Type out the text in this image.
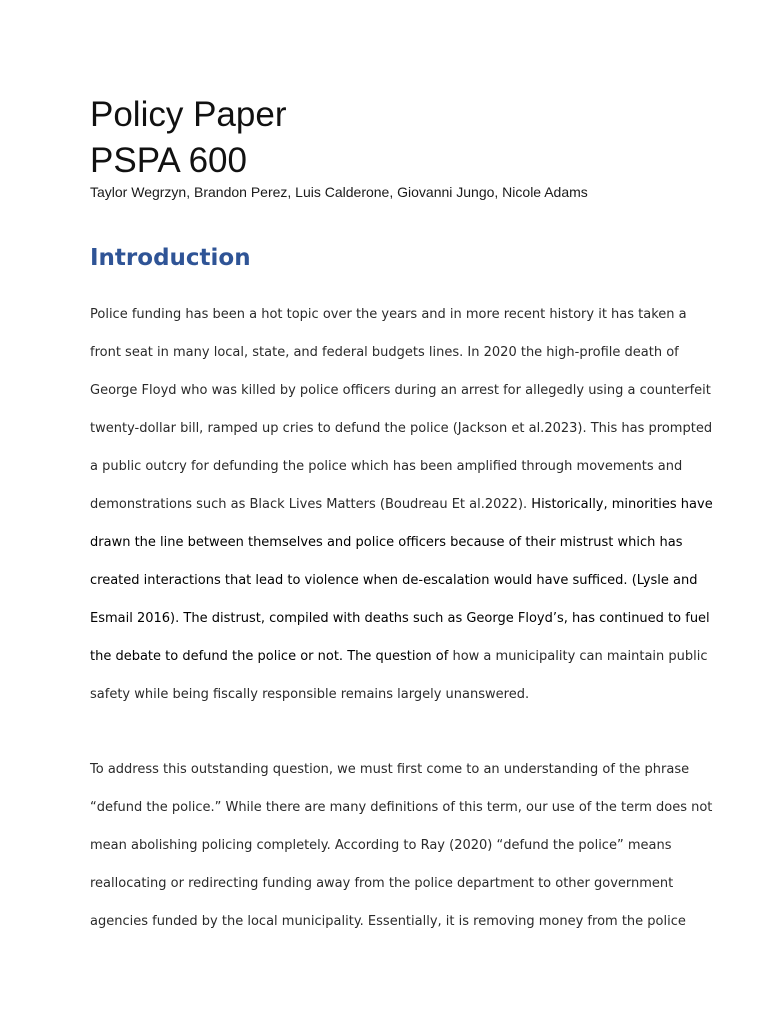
Policy Paper
PSPA 600

Taylor Wegrzyn, Brandon Perez, Luis Calderone, Giovanni Jungo, Nicole Adams

Introduction
Police funding has been a hot topic over the years and in more recent history it has taken a
front seat in many local, state, and federal budgets lines. In 2020 the high-profile death of
George Floyd who was killed by police officers during an arrest for allegedly using a counterfeit
twenty-dollar bill, ramped up cries to defund the police (Jackson et al.2023). This has prompted
a public outcry for defunding the police which has been amplified through movements and
demonstrations such as Black Lives Matters (Boudreau Et al.2022). Historically, minorities have
drawn the line between themselves and police officers because of their mistrust which has
created interactions that lead to violence when de-escalation would have sufficed. (Lysle and
Esmail 2016). The distrust, compiled with deaths such as George Floyd’s, has continued to fuel
the debate to defund the police or not. The question of how a municipality can maintain public
safety while being fiscally responsible remains largely unanswered.
To address this outstanding question, we must first come to an understanding of the phrase
“defund the police.” While there are many definitions of this term, our use of the term does not
mean abolishing policing completely. According to Ray (2020) “defund the police” means
reallocating or redirecting funding away from the police department to other government
agencies funded by the local municipality. Essentially, it is removing money from the police
